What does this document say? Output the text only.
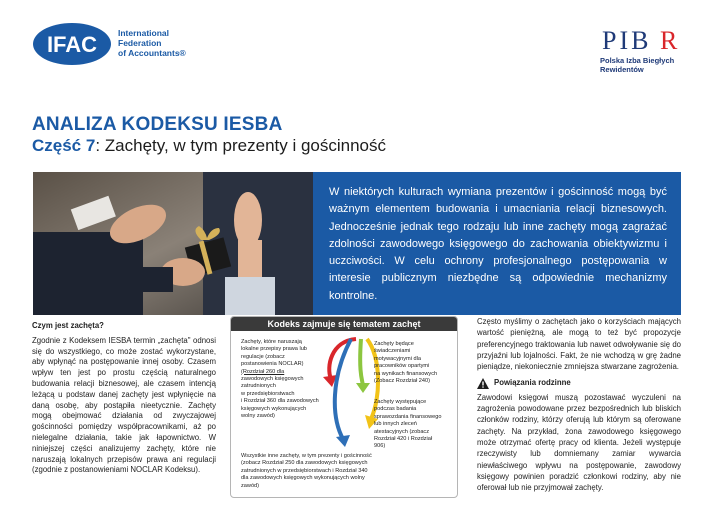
IFAC International
Federation
of Accountants®	PIB R
Polska Izba Biegłych
Rewidentów
ANALIZA KODEKSU IESBA
Część 7: Zachęty, w tym prezenty i gościnność
W niektórych kulturach wymiana prezentów i gościnność mogą być ważnym elementem budowania i umacniania relacji biznesowych. Jednocześnie jednak tego rodzaju lub inne zachęty mogą zagrażać zdolności zawodowego księgowego do zachowania obiektywizmu i uczciwości. W celu ochrony profesjonalnego postępowania w interesie publicznym niezbędne są odpowiednie mechanizmy kontrolne.
Czym jest zachęta?
Zgodnie z Kodeksem IESBA termin „zachęta" odnosi się do wszystkiego, co może zostać wykorzystane, aby wpłynąć na postępowanie innej osoby. Czasem wpływ ten jest po prostu częścią naturalnego budowania relacji biznesowej, ale czasem intencją leżącą u podstaw danej zachęty jest wpłynięcie na daną osobę, aby postąpiła nieetycznie. Zachęty mogą obejmować działania od zwyczajowej gościnności pomiędzy współpracownikami, aż po nielegalne działania, takie jak łapownictwo. W niniejszej części analizujemy zachęty, które nie naruszają lokalnych przepisów prawa ani regulacji (zgodnie z postanowieniami NOCLAR Kodeksu).
Kodeks zajmuje się tematem zachęt
Zachęty, które naruszają
lokalne przepisy prawa lub
regulacje (zobacz
postanowienia NOCLAR)
(Rozdział 260 dla
zawodowych księgowych
zatrudnionych
w przedsiębiorstwach
i Rozdział 360 dla zawodowych
księgowych wykonujących
wolny zawód)
Zachęty będące
świadczeniami
motywacyjnymi dla
pracowników opartymi
na wynikach finansowych
(Zobacz Rozdział 240)
Zachęty występujące
podczas badania
sprawozdania finansowego
lub innych zleceń
atestacyjnych (zobacz
Rozdział 420 i Rozdział
906)
Wszystkie inne zachęty, w tym prezenty i gościnność
(zobacz Rozdział 250 dla zawodowych księgowych
zatrudnionych w przedsiębiorstwach i Rozdział 340
dla zawodowych księgowych wykonujących wolny
zawód)
Często myślimy o zachętach jako o korzyściach mających wartość pieniężną, ale mogą to też być propozycje preferencyjnego traktowania lub nawet odwoływanie się do przyjaźni lub lojalności. Fakt, że nie wchodzą w grę żadne pieniądze, niekoniecznie zmniejsza stwarzane zagrożenia.
Powiązania rodzinne
Zawodowi księgowi muszą pozostawać wyczuleni na zagrożenia powodowane przez bezpośrednich lub bliskich członków rodziny, którzy oferują lub którym są oferowane zachęty. Na przykład, żona zawodowego księgowego może otrzymać ofertę pracy od klienta. Jeżeli występuje rzeczywisty lub domniemany zamiar wywarcia niewłaściwego wpływu na postępowanie, zawodowy księgowy powinien poradzić członkowi rodziny, aby nie oferował lub nie przyjmował zachęty.
